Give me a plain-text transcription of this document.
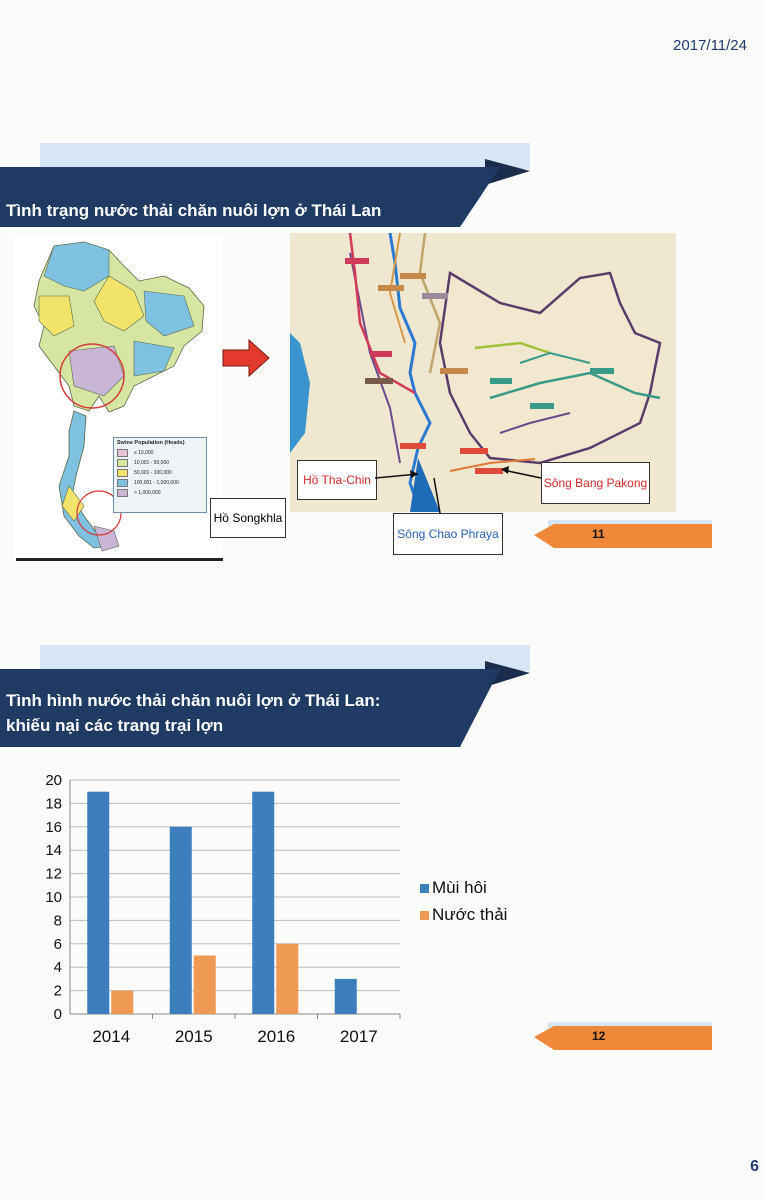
2017/11/24
Tình trạng nước thải chăn nuôi lợn ở Thái Lan
Swine Population (Heads)
≤ 10,000
10,001 - 50,000
50,001 - 100,000
100,001 - 1,000,000
> 1,000,000
Hồ Songkhla
Hồ Tha-Chin	Sông Bang Pakong
Sông Chao Phraya	11
Tình hình nước thải chăn nuôi lợn ở Thái Lan:
khiếu nại các trang trại lợn
0
2
4
6
8
10
12
14
16
18
20
2014	2015	2016	2017
Mùi hôi
Nước thải
12
6
